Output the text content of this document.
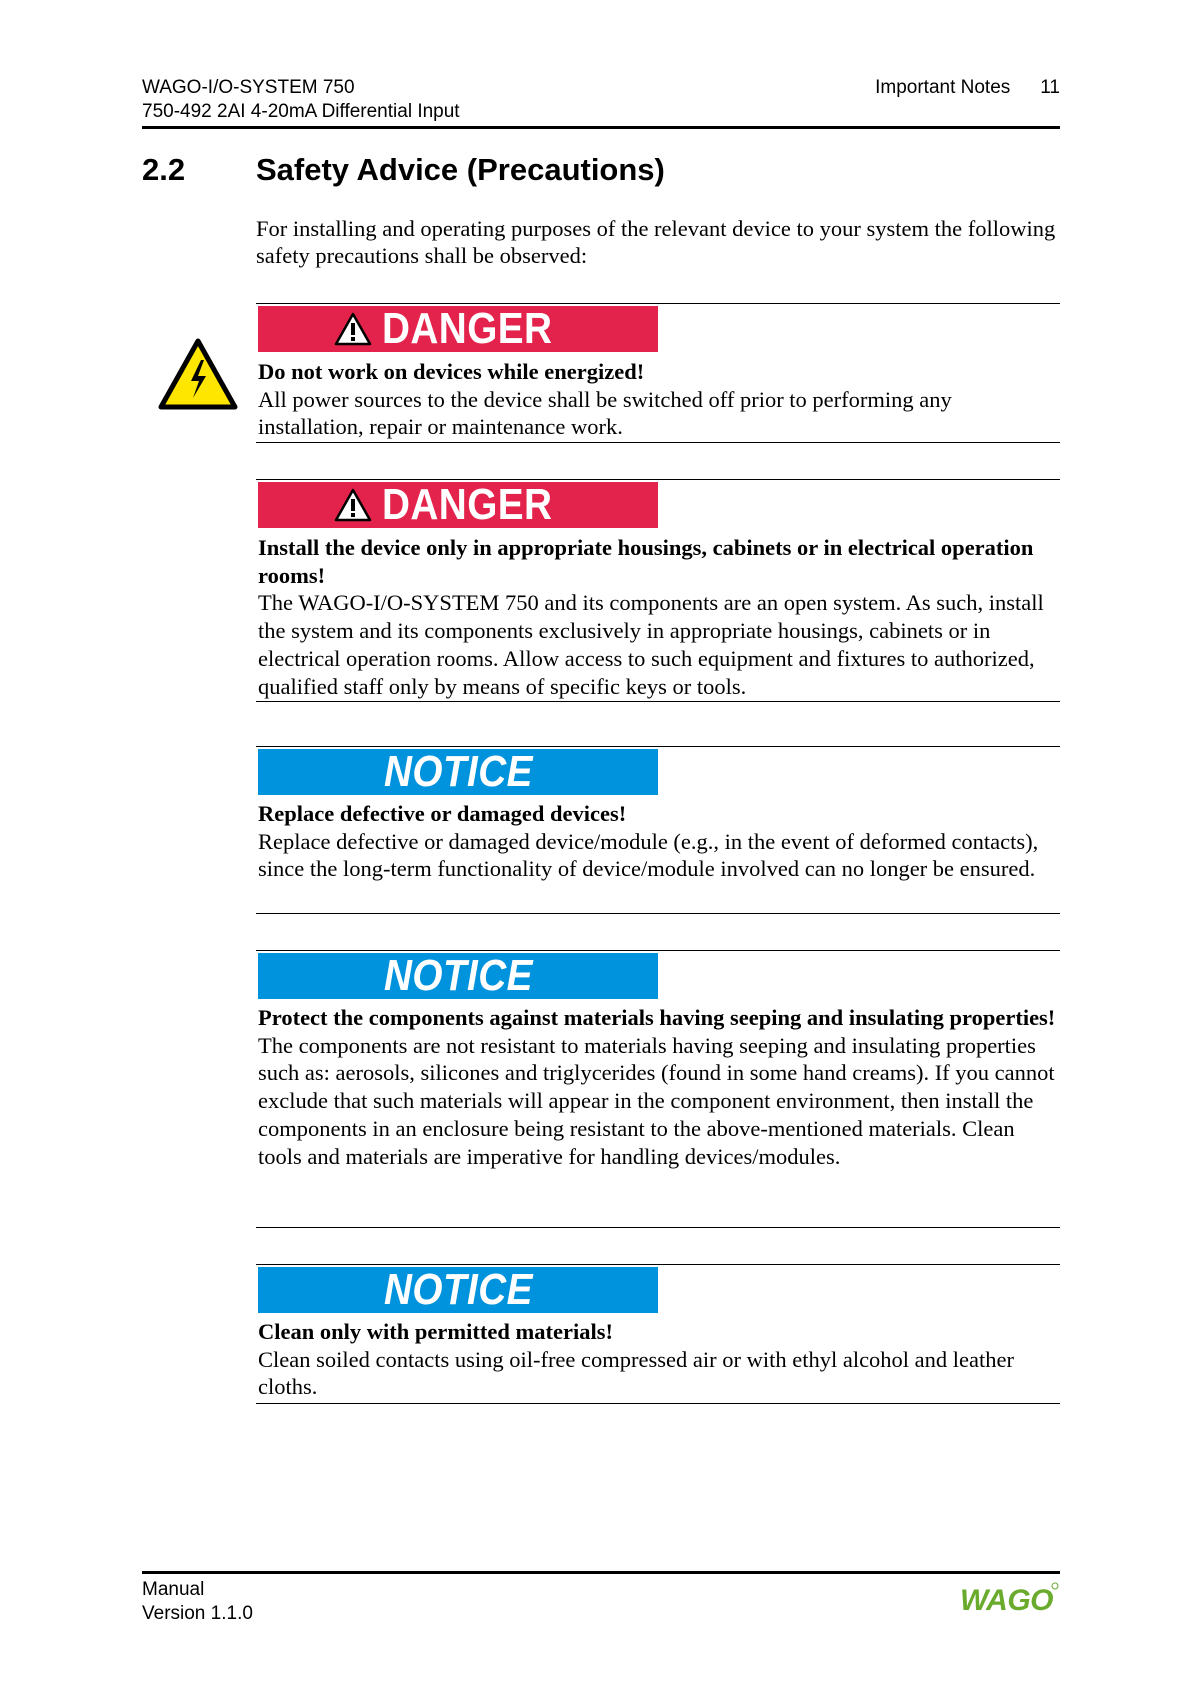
WAGO-I/O-SYSTEM 750
750-492 2AI 4-20mA Differential Input
Important Notes 11
2.2 Safety Advice (Precautions)
For installing and operating purposes of the relevant device to your system the following safety precautions shall be observed:
DANGER
Do not work on devices while energized!
All power sources to the device shall be switched off prior to performing any installation, repair or maintenance work.
DANGER
Install the device only in appropriate housings, cabinets or in electrical operation rooms!
The WAGO-I/O-SYSTEM 750 and its components are an open system. As such, install the system and its components exclusively in appropriate housings, cabinets or in electrical operation rooms. Allow access to such equipment and fixtures to authorized, qualified staff only by means of specific keys or tools.
NOTICE
Replace defective or damaged devices!
Replace defective or damaged device/module (e.g., in the event of deformed contacts), since the long-term functionality of device/module involved can no longer be ensured.
NOTICE
Protect the components against materials having seeping and insulating properties!
The components are not resistant to materials having seeping and insulating properties such as: aerosols, silicones and triglycerides (found in some hand creams). If you cannot exclude that such materials will appear in the component environment, then install the components in an enclosure being resistant to the above-mentioned materials. Clean tools and materials are imperative for handling devices/modules.
NOTICE
Clean only with permitted materials!
Clean soiled contacts using oil-free compressed air or with ethyl alcohol and leather cloths.
Manual
Version 1.1.0	WAGO
